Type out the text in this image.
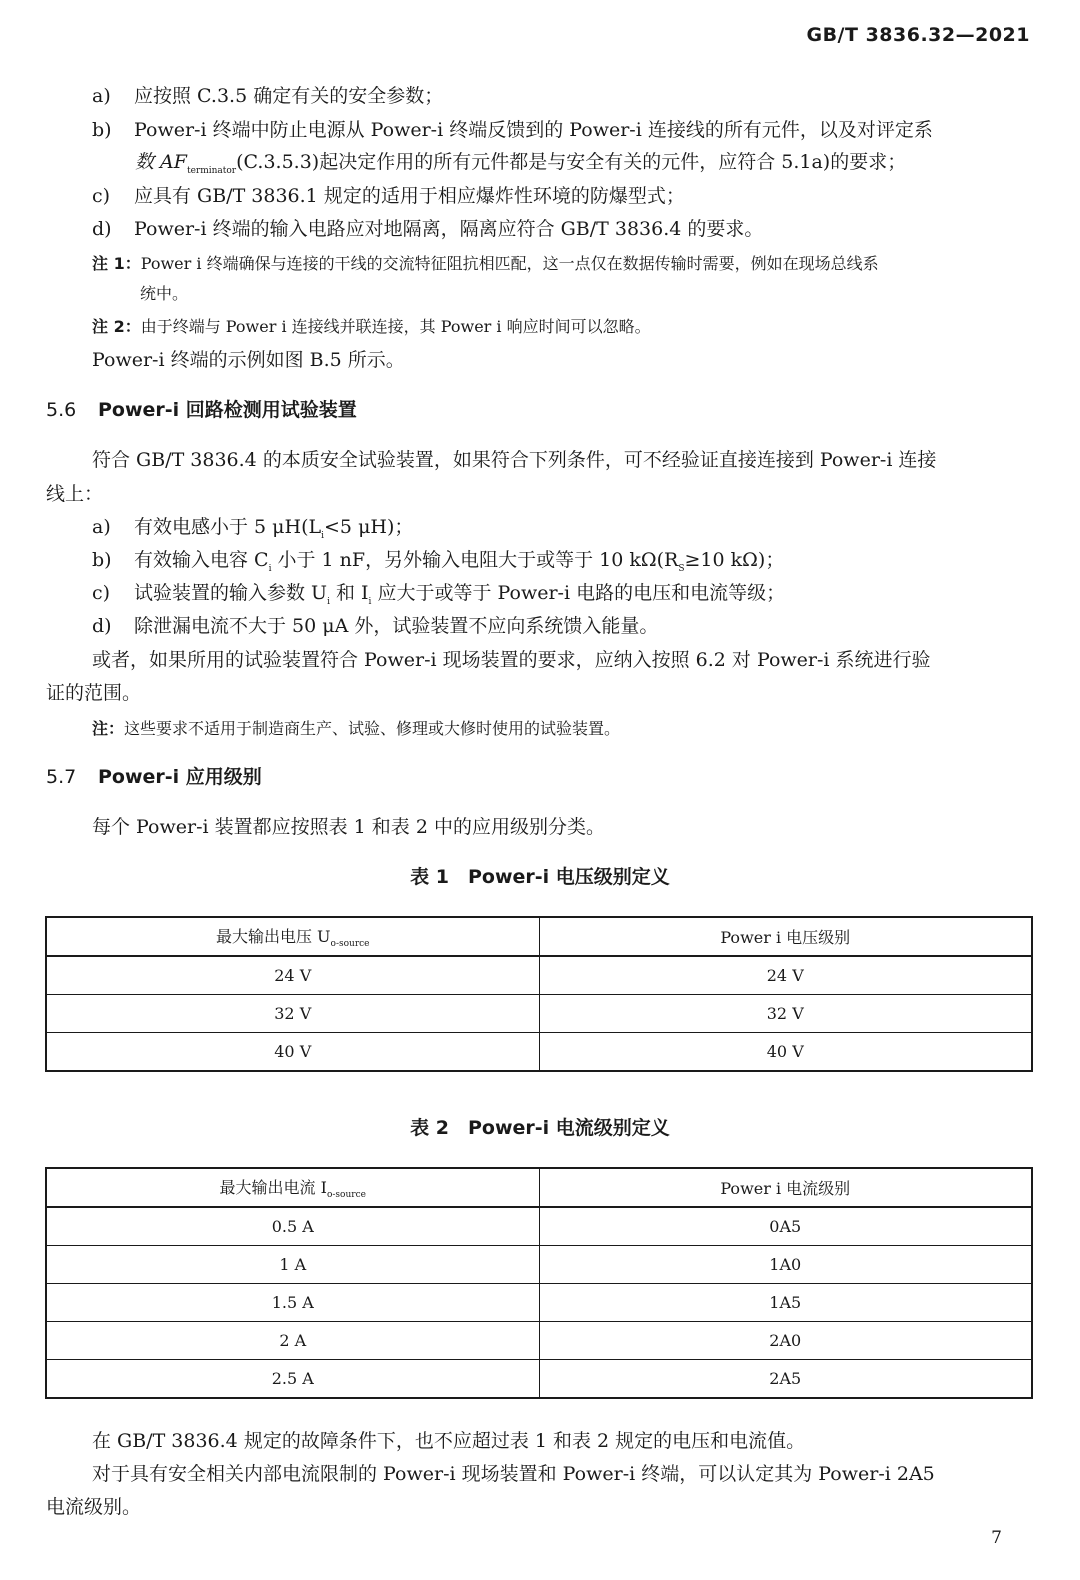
GB/T 3836.32—2021
a) 应按照 C.3.5 确定有关的安全参数；
b) Power-i 终端中防止电源从 Power-i 终端反馈到的 Power-i 连接线的所有元件，以及对评定系
数 $AF_{terminator}(C.3.5.3)$起决定作用的所有元件都是与安全有关的元件，应符合 5.1a)的要求；
c) 应具有 GB/T 3836.1 规定的适用于相应爆炸性环境的防爆型式；
d) Power-i 终端的输入电路应对地隔离，隔离应符合 GB/T 3836.4 的要求。
注 1：Power i 终端确保与连接的干线的交流特征阻抗相匹配，这一点仅在数据传输时需要，例如在现场总线系
统中。
注 2：由于终端与 Power i 连接线并联连接，其 Power i 响应时间可以忽略。
Power-i 终端的示例如图 B.5 所示。
5.6 Power-i 回路检测用试验装置
符合 GB/T 3836.4 的本质安全试验装置，如果符合下列条件，可不经验证直接连接到 Power-i 连接
线上：
a) 有效电感小于 5 $\mu H(L_i<5$ μH)；
b) 有效输入电容 $C_i$ 小于 1 nF，另外输入电阻大于或等于 10 $k\Omega(R_S\ge 10$ kΩ)；
c) 试验装置的输入参数 $U_i$ 和 $I_i$ 应大于或等于 Power-i 电路的电压和电流等级；
d) 除泄漏电流不大于 50 μA 外，试验装置不应向系统馈入能量。
或者，如果所用的试验装置符合 Power-i 现场装置的要求，应纳入按照 6.2 对 Power-i 系统进行验
证的范围。
注：这些要求不适用于制造商生产、试验、修理或大修时使用的试验装置。
5.7 Power-i 应用级别
每个 Power-i 装置都应按照表 1 和表 2 中的应用级别分类。
表 1　Power-i 电压级别定义
最大输出电压 $U_{o-source}$	Power i 电压级别
24 V	24 V
32 V	32 V
40 V	40 V
表 2　Power-i 电流级别定义
最大输出电流 $I_{o-source}$	Power i 电流级别
0.5 A	0A5
1 A	1A0
1.5 A	1A5
2 A	2A0
2.5 A	2A5
在 GB/T 3836.4 规定的故障条件下，也不应超过表 1 和表 2 规定的电压和电流值。
对于具有安全相关内部电流限制的 Power-i 现场装置和 Power-i 终端，可以认定其为 Power-i 2A5
电流级别。
7
